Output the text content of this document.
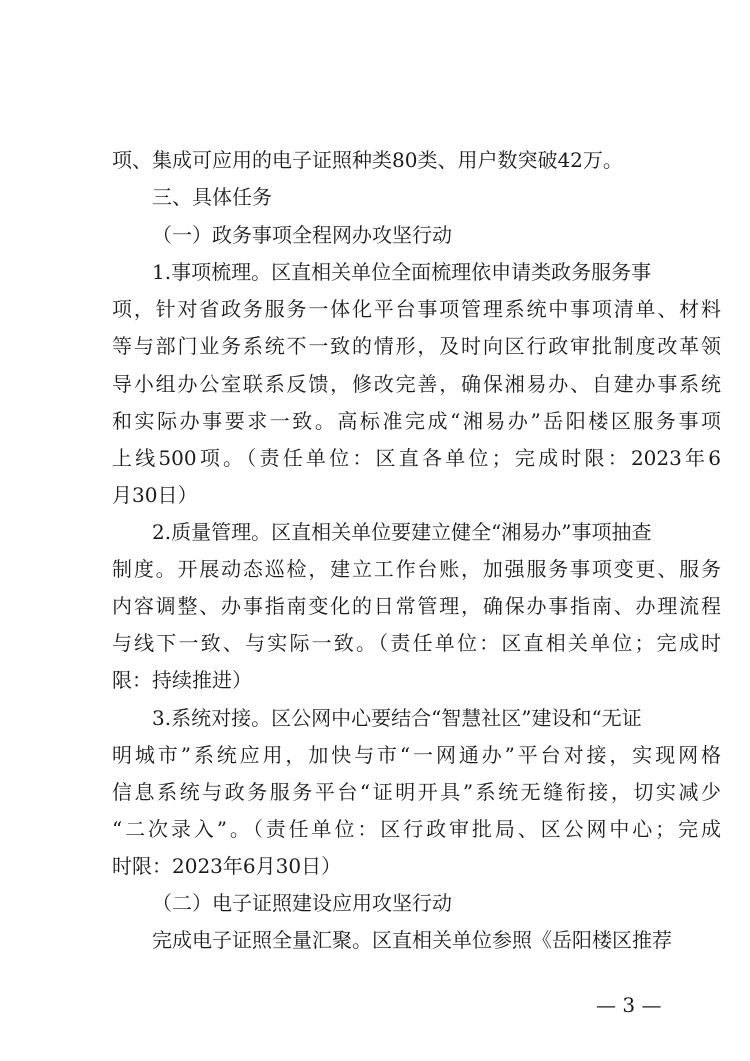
项、集成可应用的电子证照种类80类、用户数突破42万。
三、具体任务
（一）政务事项全程网办攻坚行动
1.事项梳理。区直相关单位全面梳理依申请类政务服务事
项，针对省政务服务一体化平台事项管理系统中事项清单、材料
等与部门业务系统不一致的情形，及时向区行政审批制度改革领
导小组办公室联系反馈，修改完善，确保湘易办、自建办事系统
和实际办事要求一致。高标准完成“湘易办”岳阳楼区服务事项
上线500项。（责任单位：区直各单位；完成时限：2023年6
月30日）
2.质量管理。区直相关单位要建立健全“湘易办”事项抽查
制度。开展动态巡检，建立工作台账，加强服务事项变更、服务
内容调整、办事指南变化的日常管理，确保办事指南、办理流程
与线下一致、与实际一致。（责任单位：区直相关单位；完成时
限：持续推进）
3.系统对接。区公网中心要结合“智慧社区”建设和“无证
明城市”系统应用，加快与市“一网通办”平台对接，实现网格
信息系统与政务服务平台“证明开具”系统无缝衔接，切实减少
“二次录入”。（责任单位：区行政审批局、区公网中心；完成
时限：2023年6月30日）
（二）电子证照建设应用攻坚行动
完成电子证照全量汇聚。区直相关单位参照《岳阳楼区推荐
— 3 —
